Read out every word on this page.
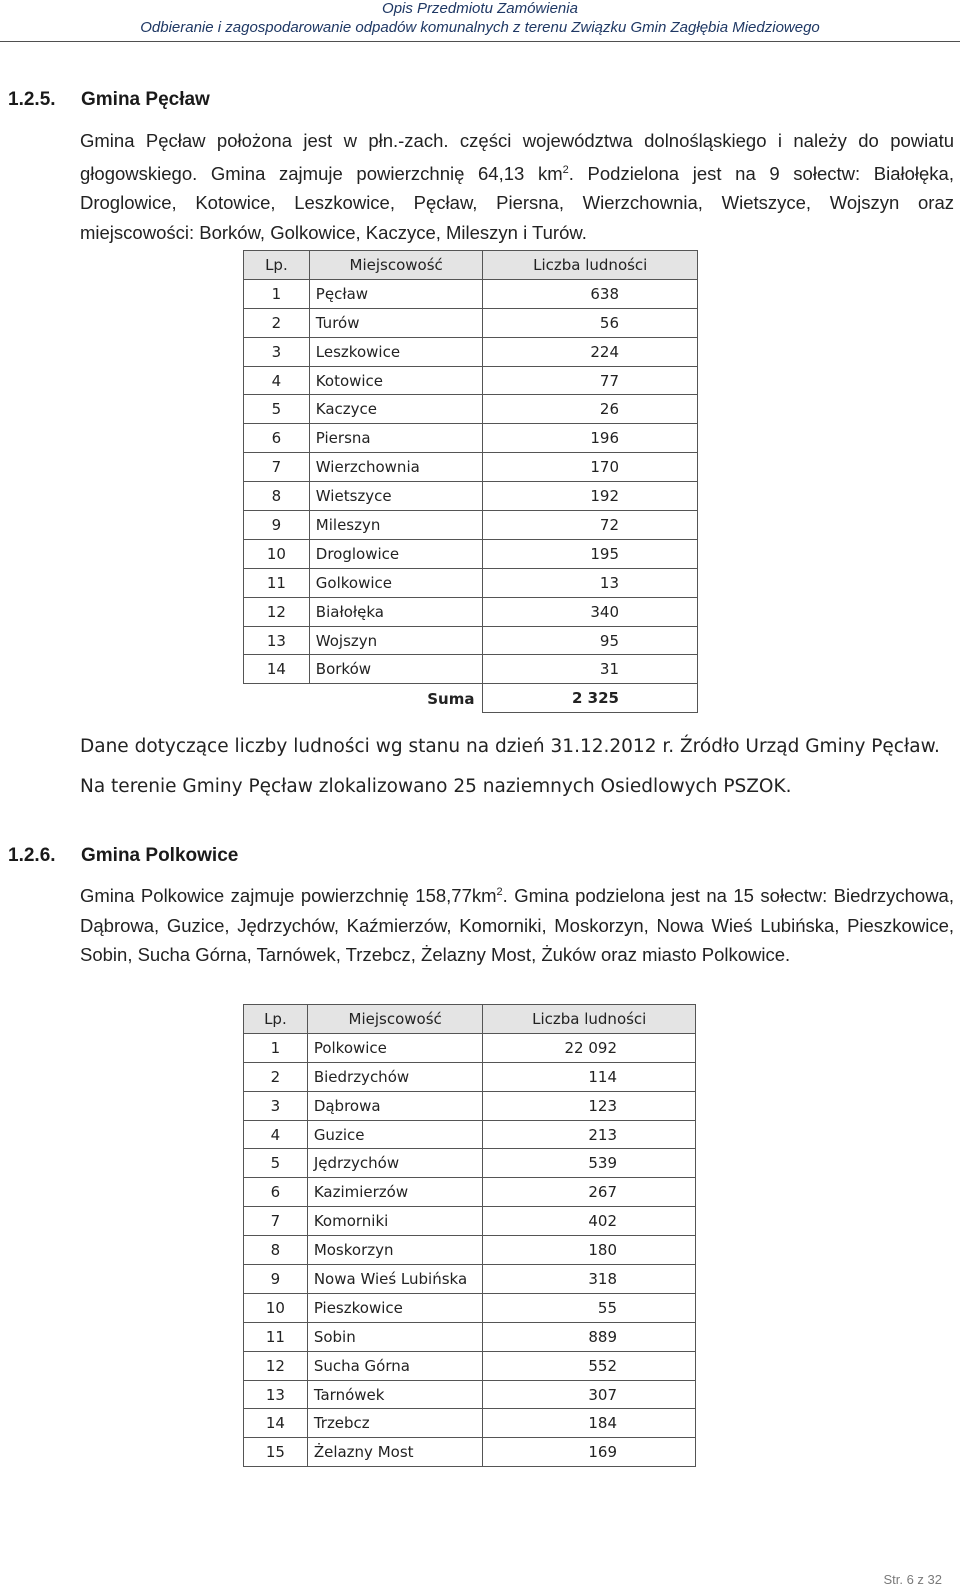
Opis Przedmiotu Zamówienia
Odbieranie i zagospodarowanie odpadów komunalnych z terenu Związku Gmin Zagłębia Miedziowego
1.2.5. Gmina Pęcław
Gmina Pęcław położona jest w płn.-zach. części województwa dolnośląskiego i należy do powiatu głogowskiego. Gmina zajmuje powierzchnię 64,13 $km^2$. Podzielona jest na 9 sołectw: Białołęka, Droglowice, Kotowice, Leszkowice, Pęcław, Piersna, Wierzchownia, Wietszyce, Wojszyn oraz miejscowości: Borków, Golkowice, Kaczyce, Mileszyn i Turów.
Lp.	Miejscowość	Liczba ludności
1	Pęcław	638
2	Turów	56
3	Leszkowice	224
4	Kotowice	77
5	Kaczyce	26
6	Piersna	196
7	Wierzchownia	170
8	Wietszyce	192
9	Mileszyn	72
10	Droglowice	195
11	Golkowice	13
12	Białołęka	340
13	Wojszyn	95
14	Borków	31
	Suma	2 325
Dane dotyczące liczby ludności wg stanu na dzień 31.12.2012 r. Źródło Urząd Gminy Pęcław.
Na terenie Gminy Pęcław zlokalizowano 25 naziemnych Osiedlowych PSZOK.
1.2.6. Gmina Polkowice
Gmina Polkowice zajmuje powierzchnię $158,77km^2$. Gmina podzielona jest na 15 sołectw: Biedrzychowa, Dąbrowa, Guzice, Jędrzychów, Kaźmierzów, Komorniki, Moskorzyn, Nowa Wieś Lubińska, Pieszkowice, Sobin, Sucha Górna, Tarnówek, Trzebcz, Żelazny Most, Żuków oraz miasto Polkowice.
Lp.	Miejscowość	Liczba ludności
1	Polkowice	22 092
2	Biedrzychów	114
3	Dąbrowa	123
4	Guzice	213
5	Jędrzychów	539
6	Kazimierzów	267
7	Komorniki	402
8	Moskorzyn	180
9	Nowa Wieś Lubińska	318
10	Pieszkowice	55
11	Sobin	889
12	Sucha Górna	552
13	Tarnówek	307
14	Trzebcz	184
15	Żelazny Most	169
Str. 6 z 32
